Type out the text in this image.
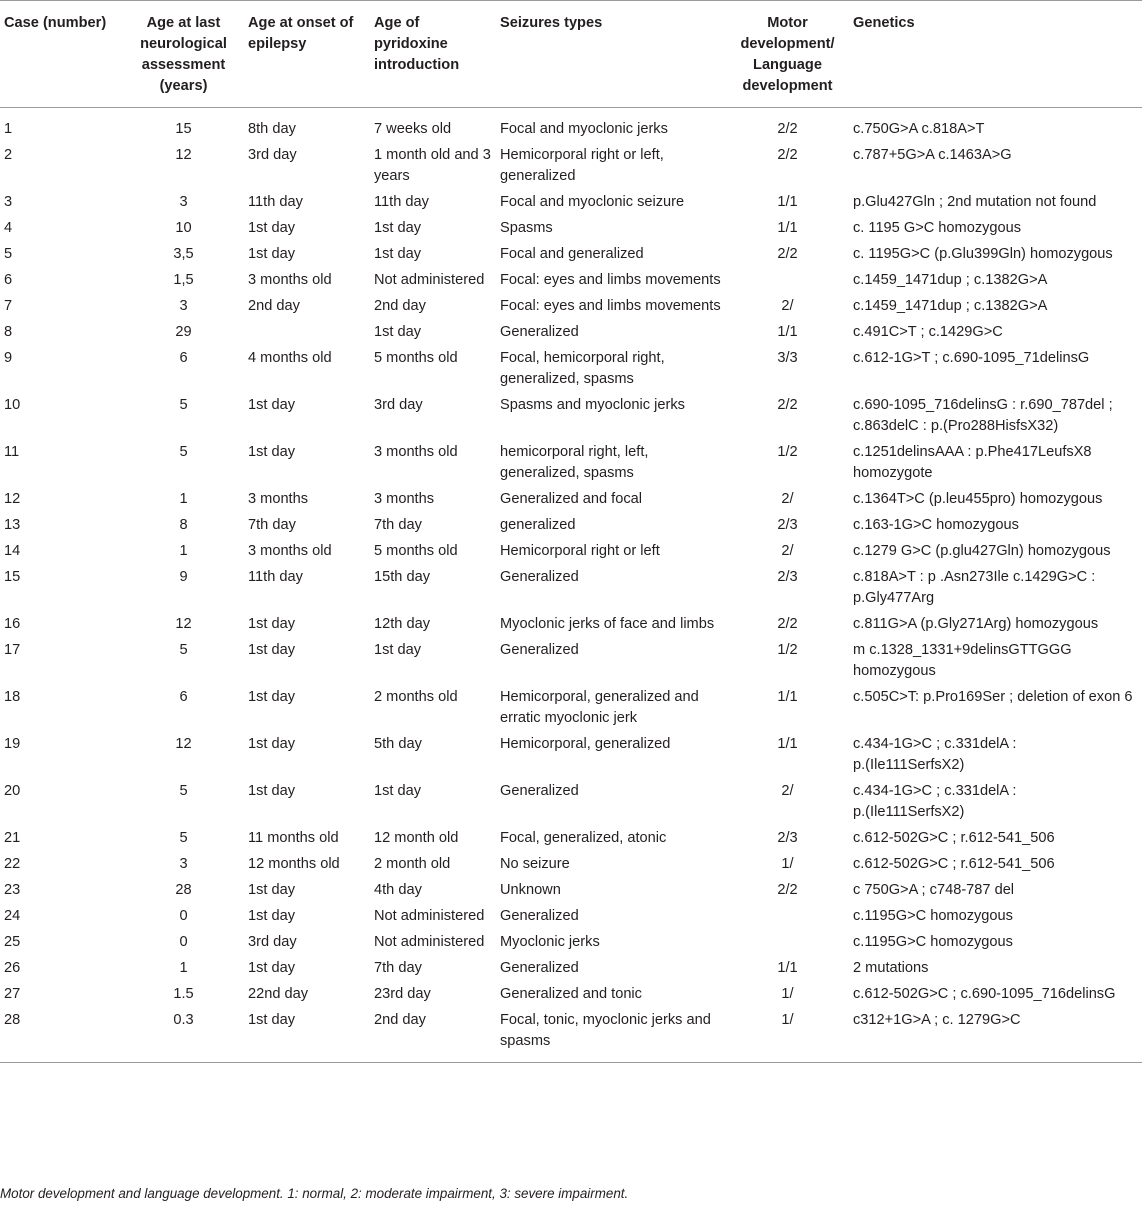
Case (number)	Age at last neurological assessment (years)	Age at onset of epilepsy	Age of pyridoxine introduction	Seizures types	Motor development/ Language development	Genetics
1	15	8th day	7 weeks old	Focal and myoclonic jerks	2/2	c.750G>A c.818A>T
2	12	3rd day	1 month old and 3 years	Hemicorporal right or left, generalized	2/2	c.787+5G>A c.1463A>G
3	3	11th day	11th day	Focal and myoclonic seizure	1/1	p.Glu427Gln ; 2nd mutation not found
4	10	1st day	1st day	Spasms	1/1	c. 1195 G>C homozygous
5	3,5	1st day	1st day	Focal and generalized	2/2	c. 1195G>C (p.Glu399Gln) homozygous
6	1,5	3 months old	Not administered	Focal: eyes and limbs movements		c.1459_1471dup ; c.1382G>A
7	3	2nd day	2nd day	Focal: eyes and limbs movements	2/	c.1459_1471dup ; c.1382G>A
8	29		1st day	Generalized	1/1	c.491C>T ; c.1429G>C
9	6	4 months old	5 months old	Focal, hemicorporal right, generalized, spasms	3/3	c.612-1G>T ; c.690-1095_71delinsG
10	5	1st day	3rd day	Spasms and myoclonic jerks	2/2	c.690-1095_716delinsG : r.690_787del ;
c.863delC : p.(Pro288HisfsX32)
11	5	1st day	3 months old	hemicorporal right, left, generalized, spasms	1/2	c.1251delinsAAA : p.Phe417LeufsX8 homozygote
12	1	3 months	3 months	Generalized and focal	2/	c.1364T>C (p.leu455pro) homozygous
13	8	7th day	7th day	generalized	2/3	c.163-1G>C homozygous
14	1	3 months old	5 months old	Hemicorporal right or left	2/	c.1279 G>C (p.glu427Gln) homozygous
15	9	11th day	15th day	Generalized	2/3	c.818A>T : p .Asn273Ile c.1429G>C :
p.Gly477Arg
16	12	1st day	12th day	Myoclonic jerks of face and limbs	2/2	c.811G>A (p.Gly271Arg) homozygous
17	5	1st day	1st day	Generalized	1/2	m c.1328_1331+9delinsGTTGGG
homozygous
18	6	1st day	2 months old	Hemicorporal, generalized and erratic myoclonic jerk	1/1	c.505C>T: p.Pro169Ser ; deletion of exon 6
19	12	1st day	5th day	Hemicorporal, generalized	1/1	c.434-1G>C ; c.331delA :
p.(Ile111SerfsX2)
20	5	1st day	1st day	Generalized	2/	c.434-1G>C ; c.331delA :
p.(Ile111SerfsX2)
21	5	11 months old	12 month old	Focal, generalized, atonic	2/3	c.612-502G>C ; r.612-541_506
22	3	12 months old	2 month old	No seizure	1/	c.612-502G>C ; r.612-541_506
23	28	1st day	4th day	Unknown	2/2	c 750G>A ; c748-787 del
24	0	1st day	Not administered	Generalized		c.1195G>C homozygous
25	0	3rd day	Not administered	Myoclonic jerks		c.1195G>C homozygous
26	1	1st day	7th day	Generalized	1/1	2 mutations
27	1.5	22nd day	23rd day	Generalized and tonic	1/	c.612-502G>C ; c.690-1095_716delinsG
28	0.3	1st day	2nd day	Focal, tonic, myoclonic jerks and spasms	1/	c312+1G>A ; c. 1279G>C
Motor development and language development. 1: normal, 2: moderate impairment, 3: severe impairment.
